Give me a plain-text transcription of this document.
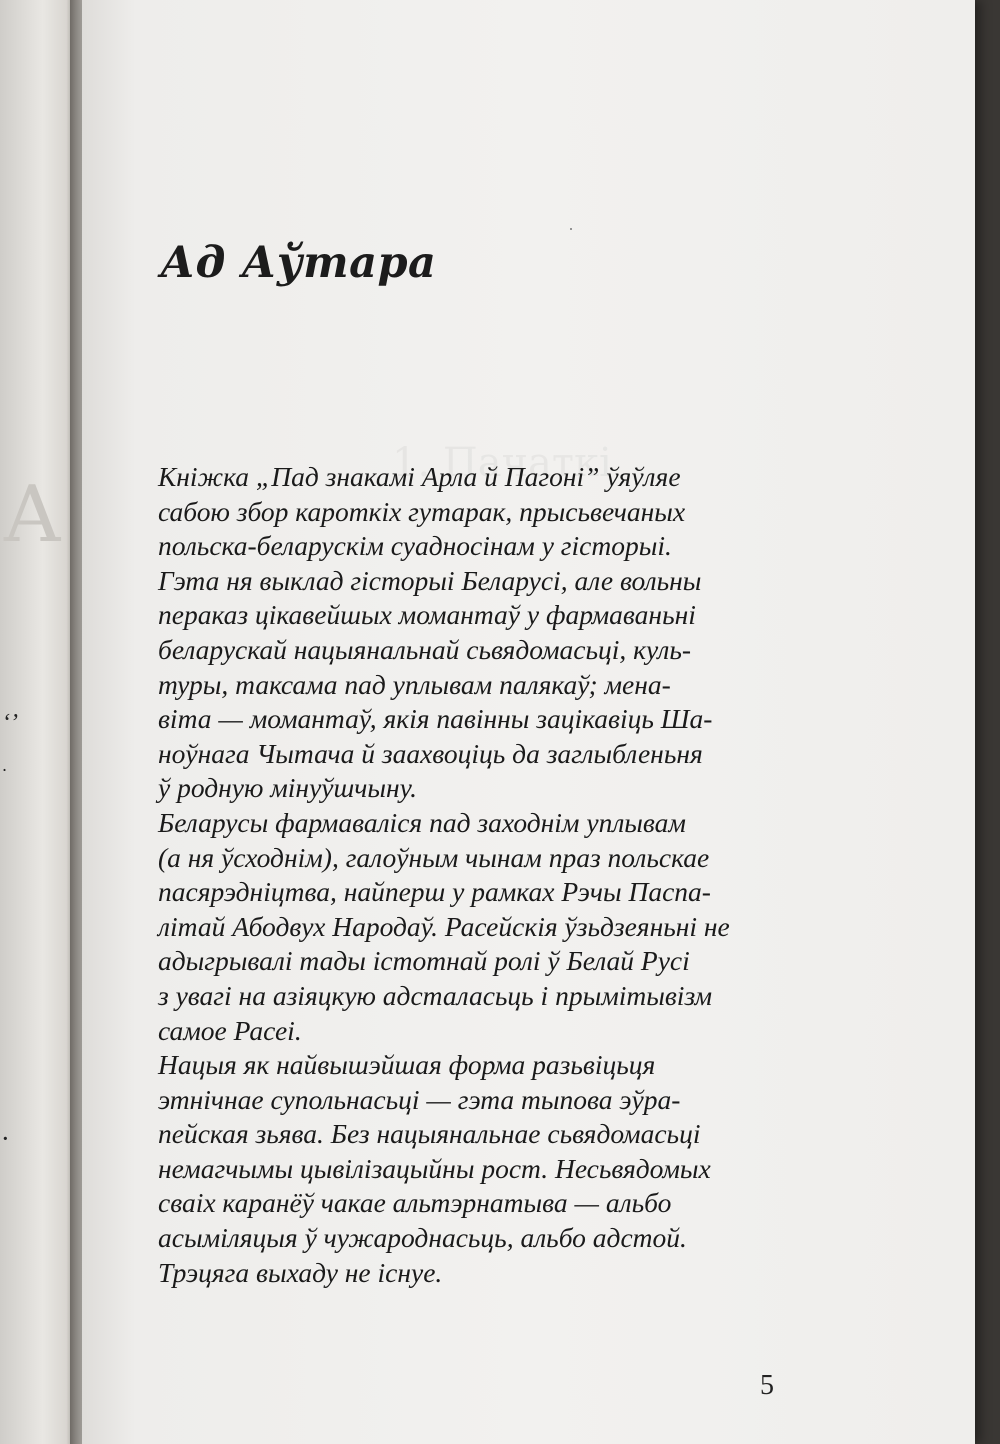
A
ʻʼ
·
·
Ад Аўтара
Кніжка „Пад знакамі Арла й Пагоні” ўяўляе
сабою збор кароткіх гутарак, прысьвечаных
польска-беларускім суадносінам у гісторыі.
Гэта ня выклад гісторыі Беларусі, але вольны
пераказ цікавейшых момантаў у фармаваньні
беларускай нацыянальнай сьвядомасьці, куль-
туры, таксама пад уплывам палякаў; мена-
віта — момантаў, якія павінны зацікавіць Ша-
ноўнага Чытача й заахвоціць да заглыбленьня
ў родную мінуўшчыну.
Беларусы фармаваліся пад заходнім уплывам
(а ня ўсходнім), галоўным чынам праз польскае
пасярэдніцтва, найперш у рамках Рэчы Паспа-
літай Абодвух Народаў. Расейскія ўзьдзеяньні не
адыгрывалі тады істотнай ролі ў Белай Русі
з увагі на азіяцкую адсталасьць і прымітывізм
самое Расеі.
Нацыя як найвышэйшая форма разьвіцьця
этнічнае супольнасьці — гэта тыпова эўра-
пейская зьява. Без нацыянальнае сьвядомасьці
немагчымы цывілізацыйны рост. Несьвядомых
сваіх каранёў чакае альтэрнатыва — альбо
асыміляцыя ў чужароднасьць, альбо адстой.
Трэцяга выхаду не існуе.
5
